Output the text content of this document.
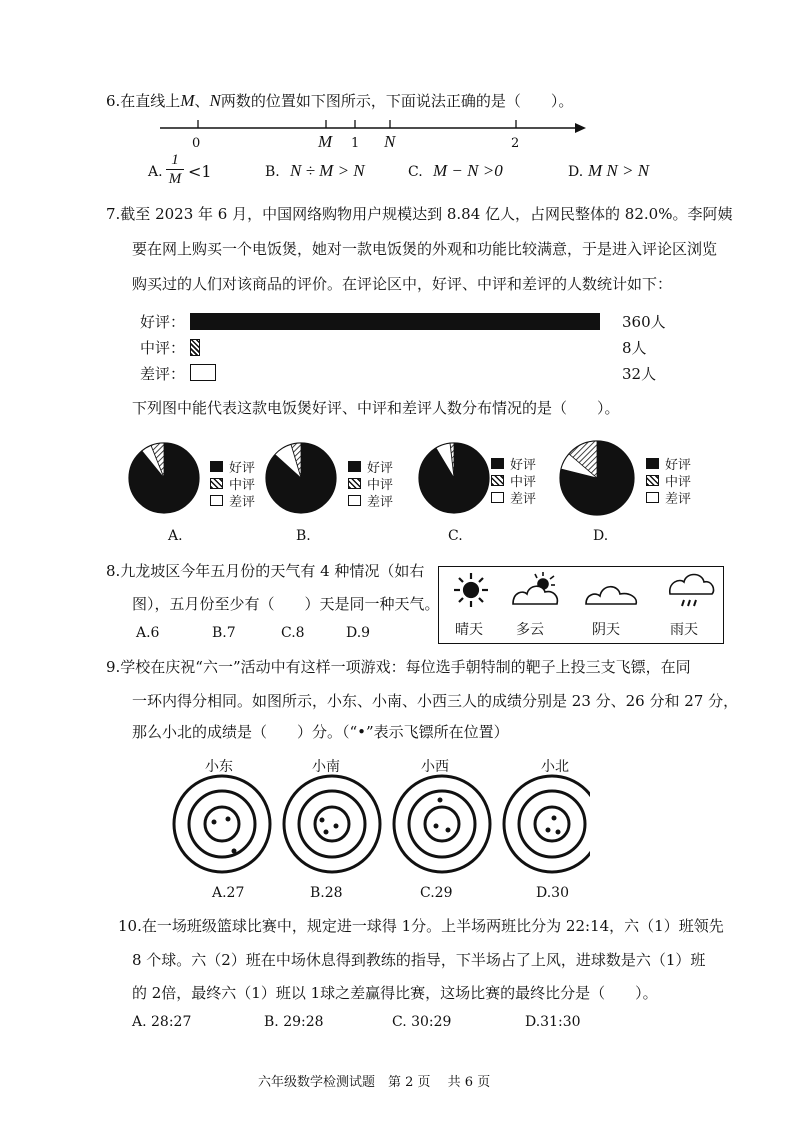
6.在直线上M、N两数的位置如下图所示，下面说法正确的是（　　）。
0	M 1 N	2
A.
1
M <1	B. N ÷ M > N	C. M − N >0	D. M N > N
7.截至 2023 年 6 月，中国网络购物用户规模达到 8.84 亿人，占网民整体的 82.0%。李阿姨
要在网上购买一个电饭煲，她对一款电饭煲的外观和功能比较满意，于是进入评论区浏览
购买过的人们对该商品的评价。在评论区中，好评、中评和差评的人数统计如下：
好评：	360人
中评：	8人
差评：	32人
下列图中能代表这款电饭煲好评、中评和差评人数分布情况的是（　　）。
好评
中评
差评
好评
中评
差评
好评
中评
差评
好评
中评
差评
A.	B.	C.	D.
8.九龙坡区今年五月份的天气有 4 种情况（如右
图），五月份至少有（　　）天是同一种天气。
A.6	B.7	C.8	D.9	晴天 多云	阴天	雨天
9.学校在庆祝“六一”活动中有这样一项游戏：每位选手朝特制的靶子上投三支飞镖，在同
一环内得分相同。如图所示，小东、小南、小西三人的成绩分别是 23 分、26 分和 27 分，
那么小北的成绩是（　　）分。（“•”表示飞镖所在位置）
小东	小南	小西	小北
A.27	B.28	C.29	D.30
10.在一场班级篮球比赛中，规定进一球得 1分。上半场两班比分为 22:14，六（1）班领先
8 个球。六（2）班在中场休息得到教练的指导，下半场占了上风，进球数是六（1）班
的 2倍，最终六（1）班以 1球之差赢得比赛，这场比赛的最终比分是（　　）。
A. 28:27	B. 29:28	C. 30:29	D.31:30
六年级数学检测试题　第 2 页　 共 6 页
